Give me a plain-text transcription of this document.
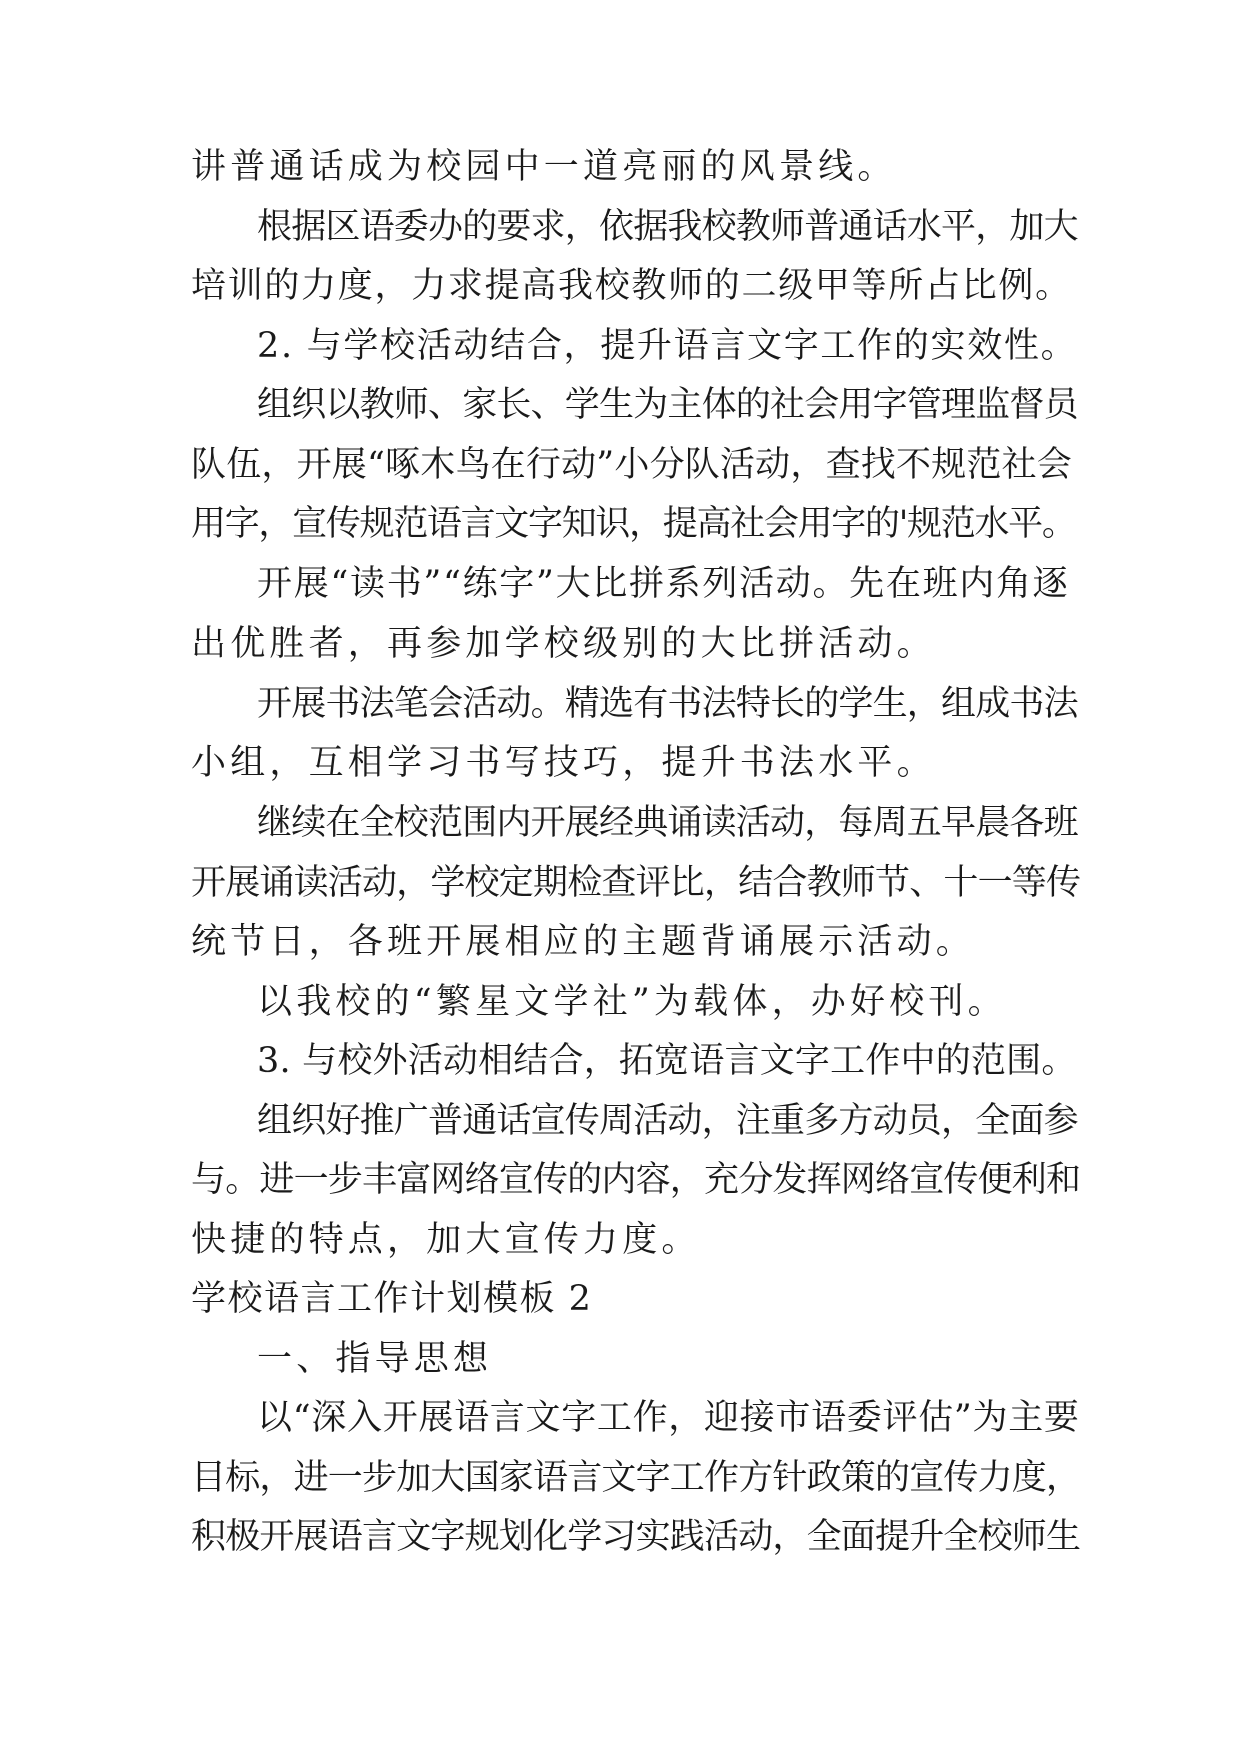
讲普通话成为校园中一道亮丽的风景线。

根据区语委办的要求，依据我校教师普通话水平，加大

培训的力度，力求提高我校教师的二级甲等所占比例。

2. 与学校活动结合，提升语言文字工作的实效性。

组织以教师、家长、学生为主体的社会用字管理监督员

队伍，开展“啄木鸟在行动”小分队活动，查找不规范社会

用字，宣传规范语言文字知识，提高社会用字的'规范水平。

开展“读书”“练字”大比拼系列活动。先在班内角逐

出优胜者，再参加学校级别的大比拼活动。

开展书法笔会活动。精选有书法特长的学生，组成书法

小组，互相学习书写技巧，提升书法水平。

继续在全校范围内开展经典诵读活动，每周五早晨各班

开展诵读活动，学校定期检查评比，结合教师节、十一等传

统节日，各班开展相应的主题背诵展示活动。

以我校的“繁星文学社”为载体，办好校刊。

3. 与校外活动相结合，拓宽语言文字工作中的范围。

组织好推广普通话宣传周活动，注重多方动员，全面参

与。进一步丰富网络宣传的内容，充分发挥网络宣传便利和

快捷的特点，加大宣传力度。

学校语言工作计划模板 2

一、指导思想

以“深入开展语言文字工作，迎接市语委评估”为主要

目标，进一步加大国家语言文字工作方针政策的宣传力度，

积极开展语言文字规划化学习实践活动，全面提升全校师生
